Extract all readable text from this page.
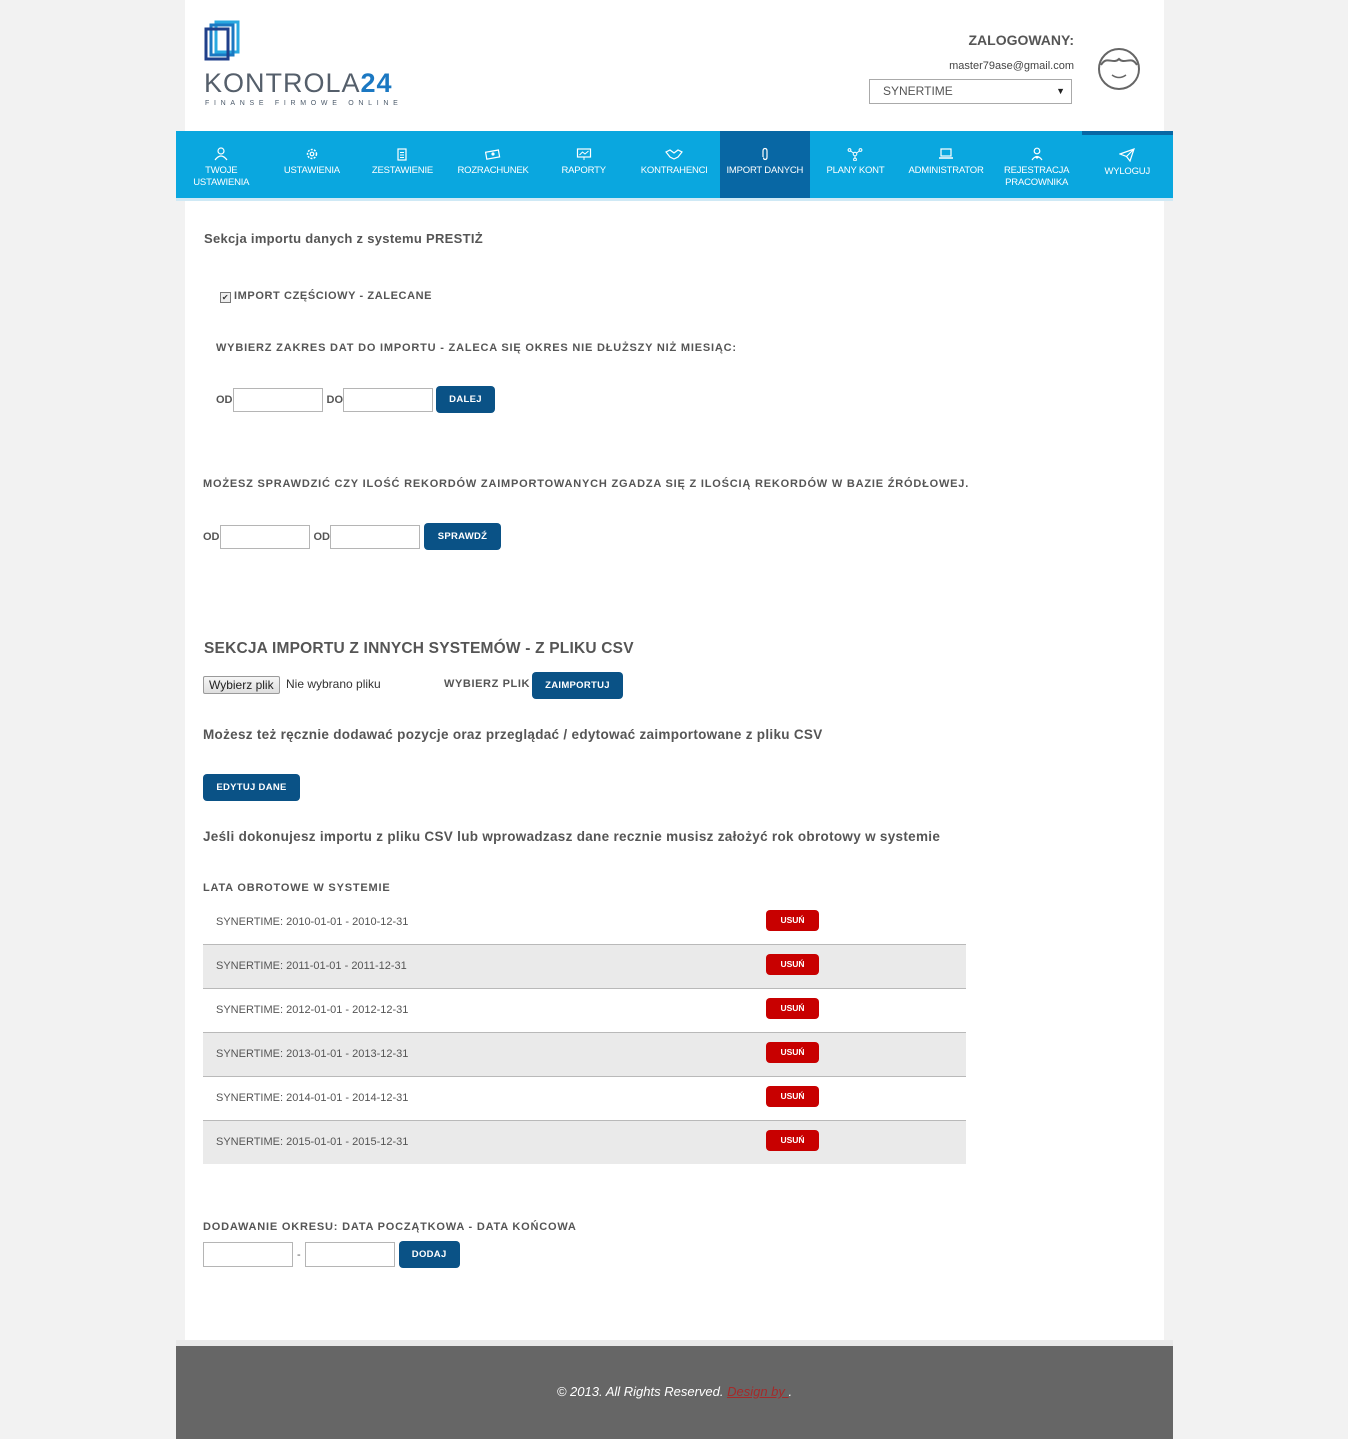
KONTROLA24
FINANSE FIRMOWE ONLINE
ZALOGOWANY:
master79ase@gmail.com
SYNERTIME	▼
TWOJE USTAWIENIA
USTAWIENIA	ZESTAWIENIE	ROZRACHUNEK	RAPORTY	KONTRAHENCI	IMPORT DANYCH	PLANY KONT	ADMINISTRATOR	REJESTRACJA PRACOWNIKA
WYLOGUJ
Sekcja importu danych z systemu PRESTIŻ
✔ IMPORT CZĘŚCIOWY - ZALECANE
WYBIERZ ZAKRES DAT DO IMPORTU - ZALECA SIĘ OKRES NIE DŁUŻSZY NIŻ MIESIĄC:
OD	DO	DALEJ
MOŻESZ SPRAWDZIĆ CZY ILOŚĆ REKORDÓW ZAIMPORTOWANYCH ZGADZA SIĘ Z ILOŚCIĄ REKORDÓW W BAZIE ŹRÓDŁOWEJ.
OD	OD	SPRAWDŹ
SEKCJA IMPORTU Z INNYCH SYSTEMÓW - Z PLIKU CSV
Wybierz plik	Nie wybrano pliku	WYBIERZ PLIK	ZAIMPORTUJ
Możesz też ręcznie dodawać pozycje oraz przeglądać / edytować zaimportowane z pliku CSV
EDYTUJ DANE
Jeśli dokonujesz importu z pliku CSV lub wprowadzasz dane recznie musisz założyć rok obrotowy w systemie
LATA OBROTOWE W SYSTEMIE
SYNERTIME: 2010-01-01 - 2010-12-31	USUŃ
SYNERTIME: 2011-01-01 - 2011-12-31	USUŃ
SYNERTIME: 2012-01-01 - 2012-12-31	USUŃ
SYNERTIME: 2013-01-01 - 2013-12-31	USUŃ
SYNERTIME: 2014-01-01 - 2014-12-31	USUŃ
SYNERTIME: 2015-01-01 - 2015-12-31	USUŃ
DODAWANIE OKRESU: DATA POCZĄTKOWA - DATA KOŃCOWA
-	DODAJ
© 2013. All Rights Reserved. Design by .
